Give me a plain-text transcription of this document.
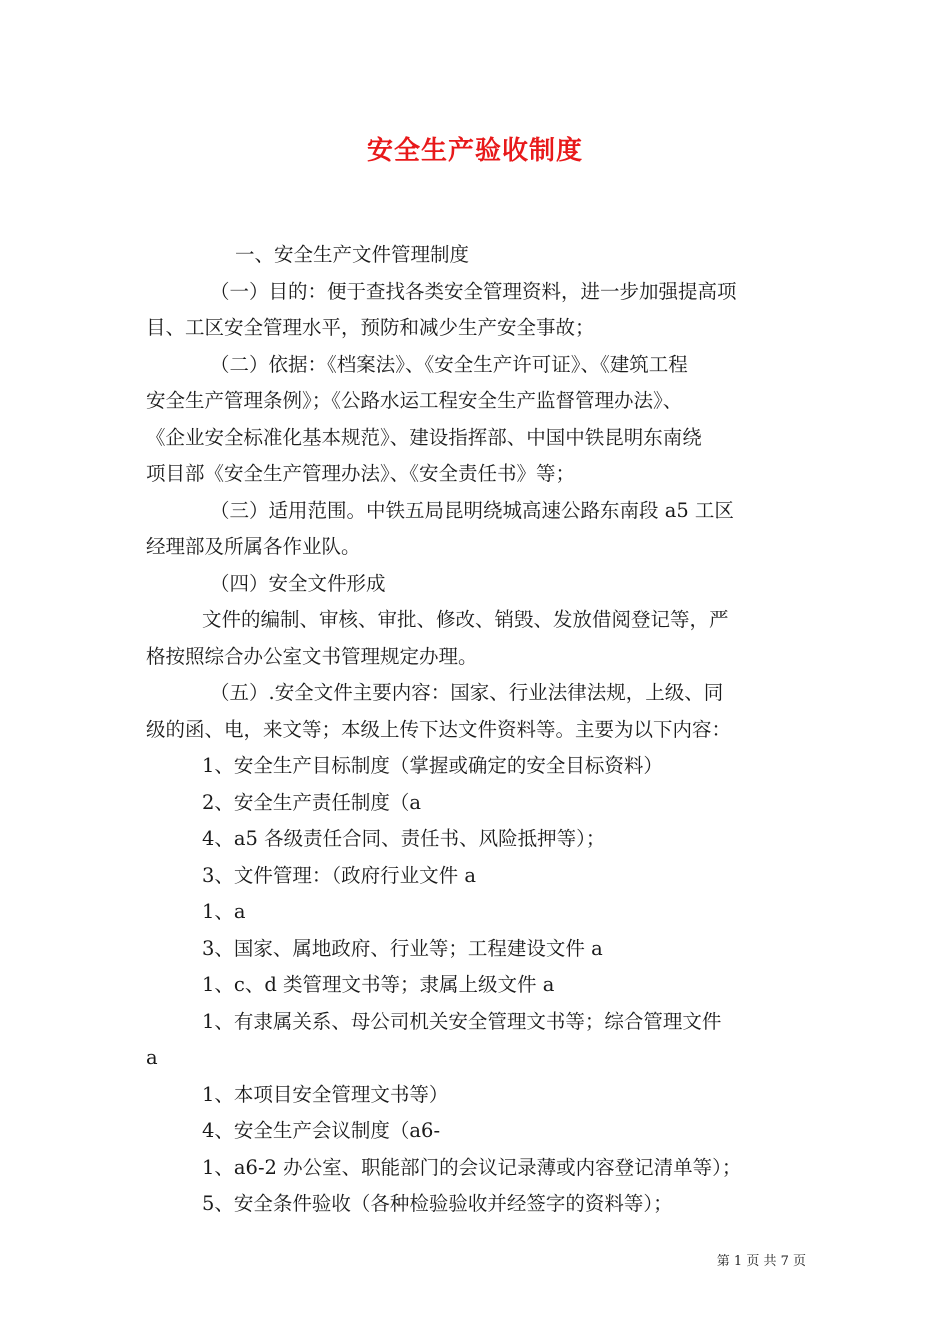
安全生产验收制度

一、安全生产文件管理制度

（一）目的：便于查找各类安全管理资料，进一步加强提高项

目、工区安全管理水平，预防和减少生产安全事故；

（二）依据：《档案法》、《安全生产许可证》、《建筑工程

安全生产管理条例》；《公路水运工程安全生产监督管理办法》、

《企业安全标准化基本规范》、建设指挥部、中国中铁昆明东南绕

项目部《安全生产管理办法》、《安全责任书》等；

（三）适用范围。中铁五局昆明绕城高速公路东南段 a5 工区

经理部及所属各作业队。

（四）安全文件形成

文件的编制、审核、审批、修改、销毁、发放借阅登记等，严

格按照综合办公室文书管理规定办理。

（五）.安全文件主要内容：国家、行业法律法规，上级、同

级的函、电，来文等；本级上传下达文件资料等。主要为以下内容：

1、安全生产目标制度（掌握或确定的安全目标资料）

2、安全生产责任制度（a

4、a5 各级责任合同、责任书、风险抵押等）；

3、文件管理：（政府行业文件 a

1、a

3、国家、属地政府、行业等；工程建设文件 a

1、c、d 类管理文书等；隶属上级文件 a

1、有隶属关系、母公司机关安全管理文书等；综合管理文件

a

1、本项目安全管理文书等）

4、安全生产会议制度（a6-

1、a6-2 办公室、职能部门的会议记录薄或内容登记清单等）；

5、安全条件验收（各种检验验收并经签字的资料等）；

第 1 页 共 7 页
